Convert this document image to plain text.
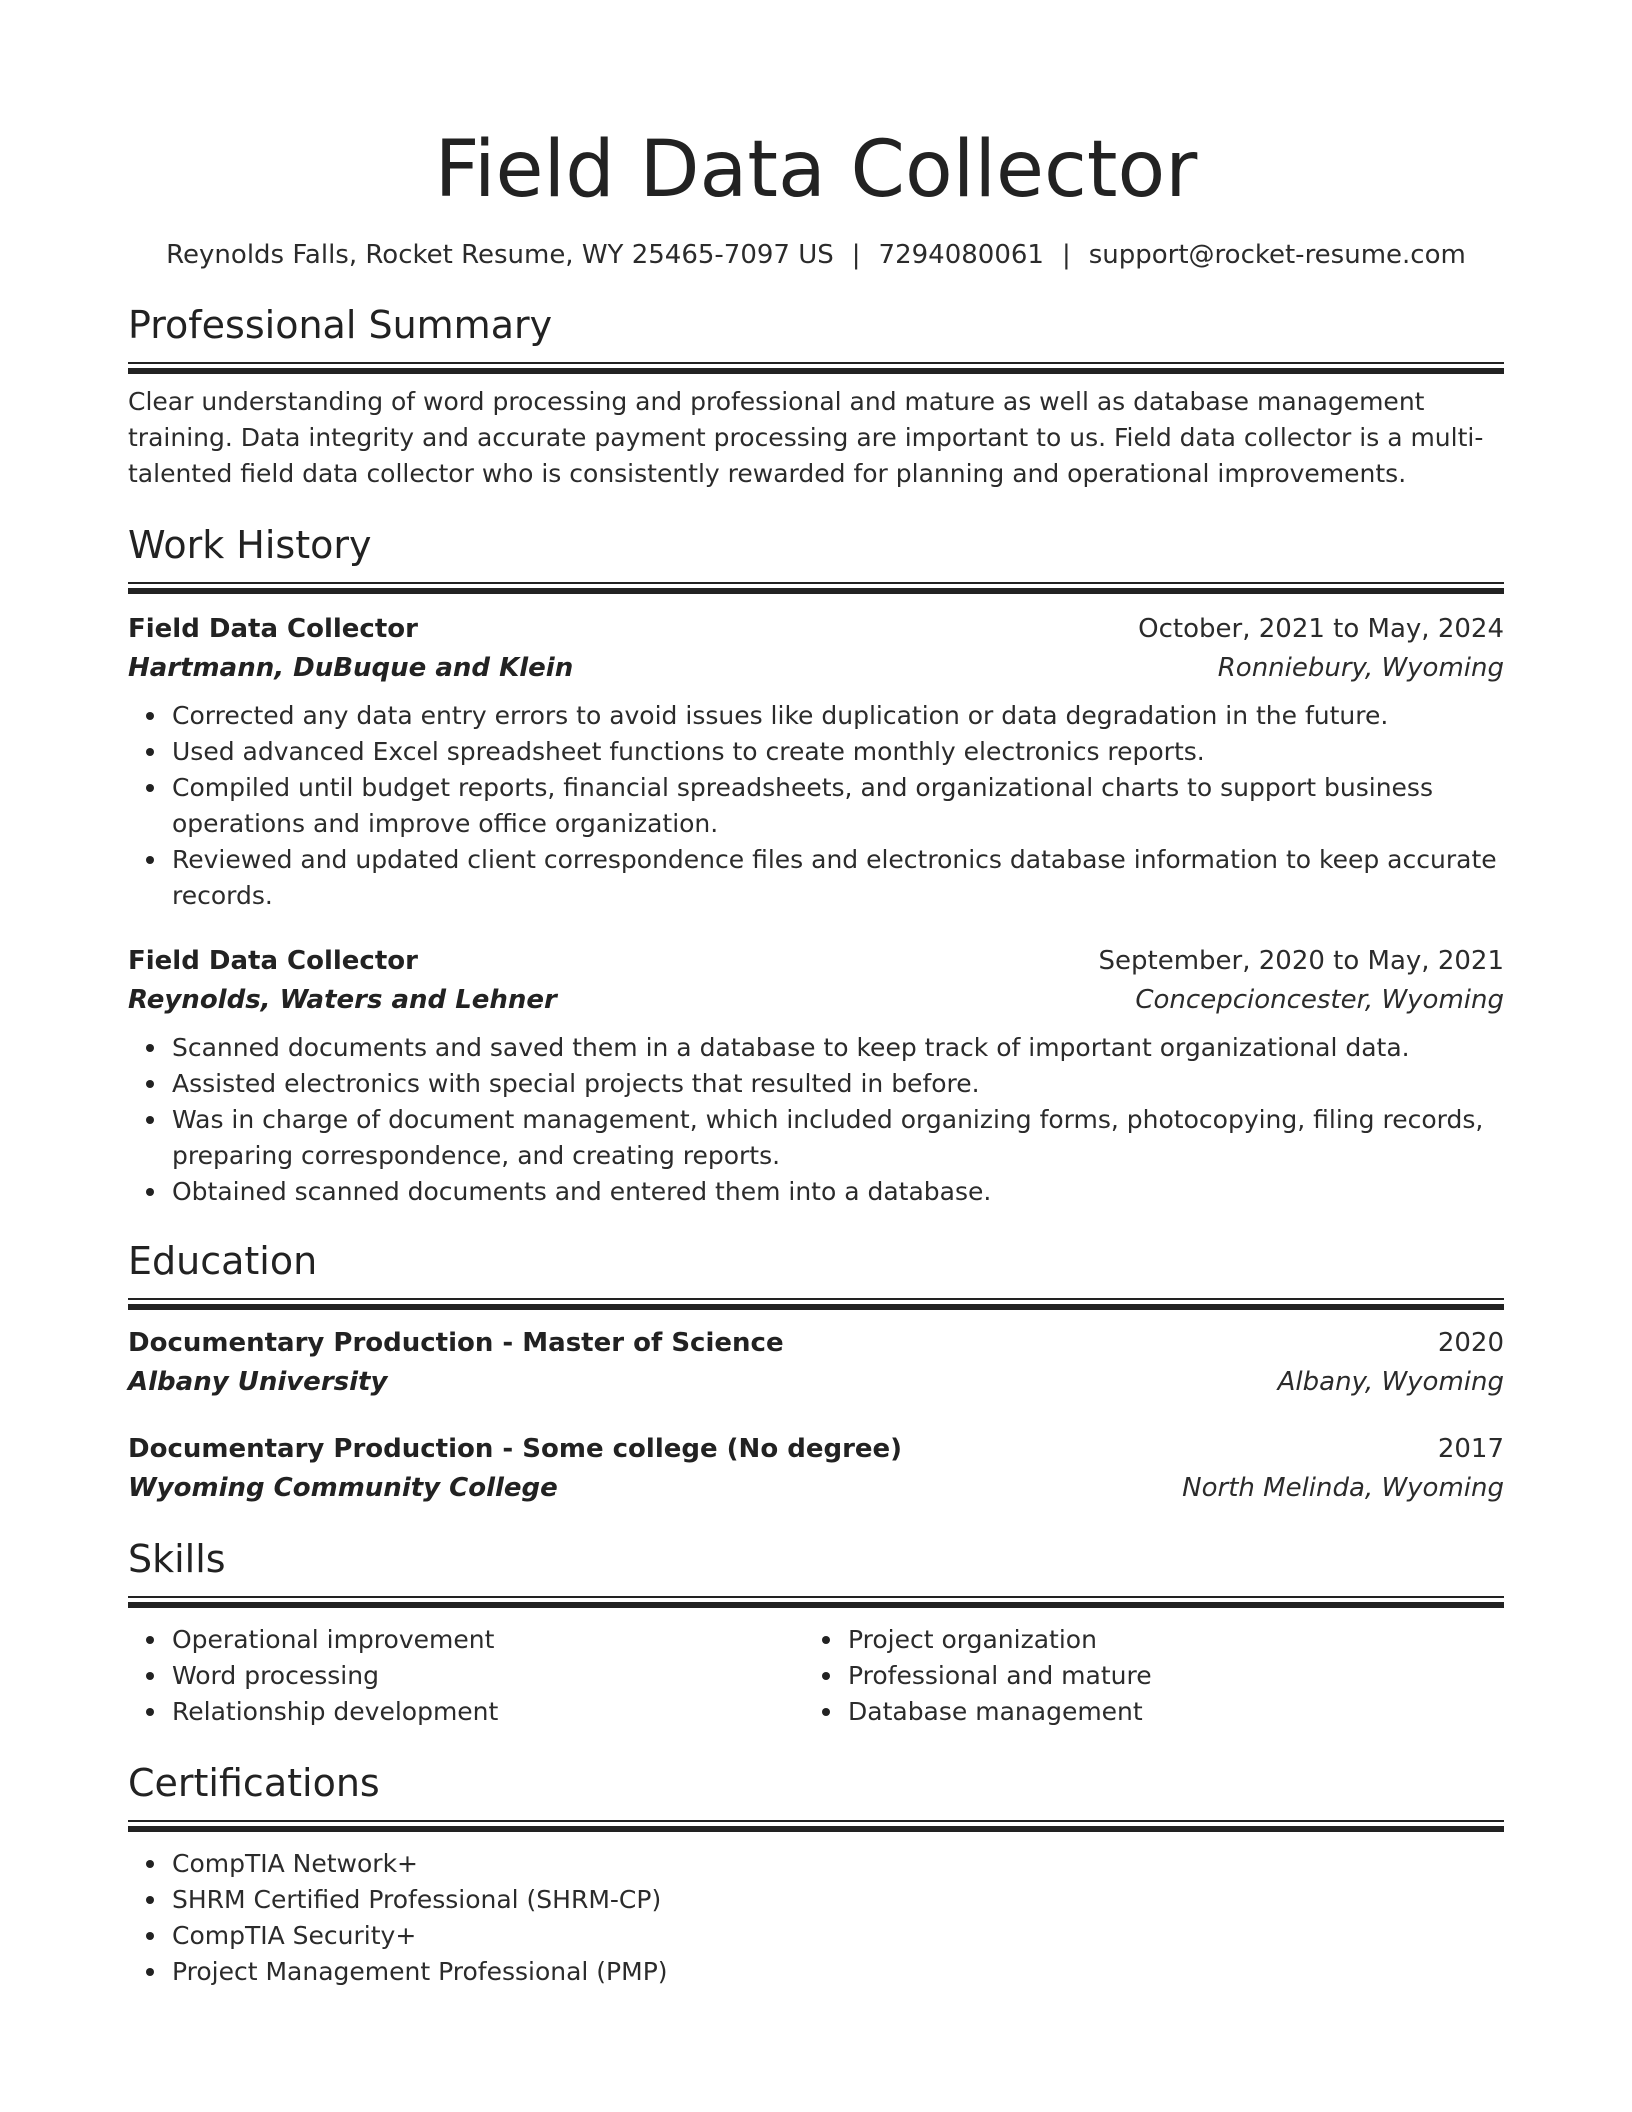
Field Data Collector
Reynolds Falls, Rocket Resume, WY 25465-7097 US | 7294080061 | support@rocket-resume.com
Professional Summary
Clear understanding of word processing and professional and mature as well as database management training. Data integrity and accurate payment processing are important to us. Field data collector is a multi-talented field data collector who is consistently rewarded for planning and operational improvements.
Work History
Field Data Collector	October, 2021 to May, 2024
Hartmann, DuBuque and Klein	Ronniebury, Wyoming
Corrected any data entry errors to avoid issues like duplication or data degradation in the future.
Used advanced Excel spreadsheet functions to create monthly electronics reports.
Compiled until budget reports, financial spreadsheets, and organizational charts to support business operations and improve office organization.
Reviewed and updated client correspondence files and electronics database information to keep accurate records.
Field Data Collector	September, 2020 to May, 2021
Reynolds, Waters and Lehner	Concepcioncester, Wyoming
Scanned documents and saved them in a database to keep track of important organizational data.
Assisted electronics with special projects that resulted in before.
Was in charge of document management, which included organizing forms, photocopying, filing records, preparing correspondence, and creating reports.
Obtained scanned documents and entered them into a database.
Education
Documentary Production - Master of Science	2020
Albany University	Albany, Wyoming
Documentary Production - Some college (No degree)	2017
Wyoming Community College	North Melinda, Wyoming
Skills
Operational improvement
Word processing
Relationship development
Project organization
Professional and mature
Database management
Certifications
CompTIA Network+
SHRM Certified Professional (SHRM-CP)
CompTIA Security+
Project Management Professional (PMP)
